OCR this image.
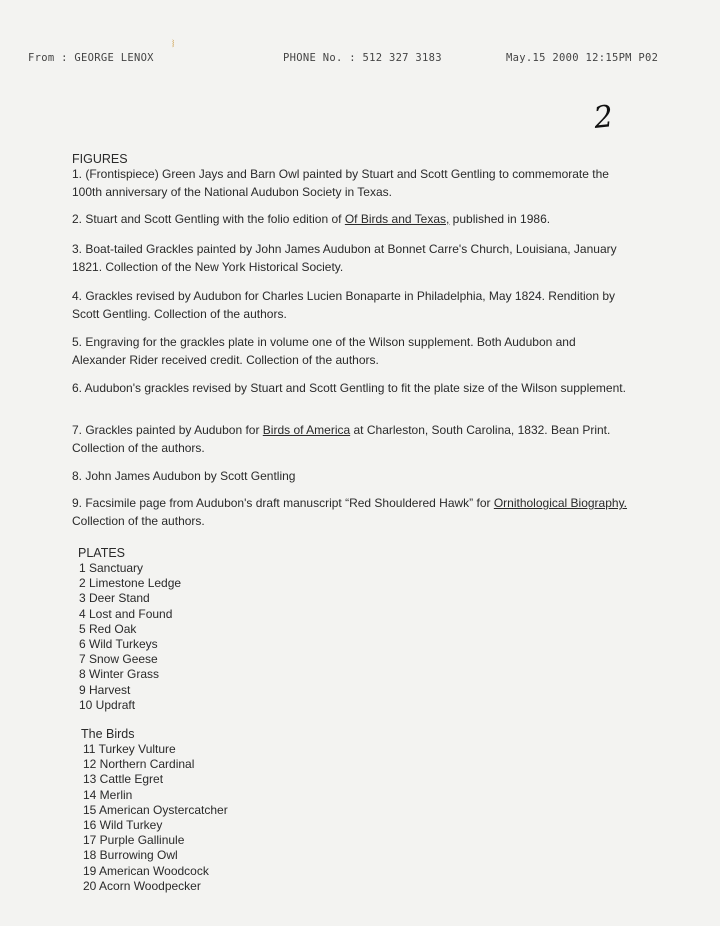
From : GEORGE LENOX	PHONE No. : 512 327 3183	May.15 2000 12:15PM P02
⧘
2
FIGURES
1. (Frontispiece) Green Jays and Barn Owl painted by Stuart and Scott Gentling to commemorate the 100th anniversary of the National Audubon Society in Texas.
2. Stuart and Scott Gentling with the folio edition of Of Birds and Texas, published in 1986.
3. Boat-tailed Grackles painted by John James Audubon at Bonnet Carre's Church, Louisiana, January 1821. Collection of the New York Historical Society.
4. Grackles revised by Audubon for Charles Lucien Bonaparte in Philadelphia, May 1824. Rendition by Scott Gentling. Collection of the authors.
5. Engraving for the grackles plate in volume one of the Wilson supplement. Both Audubon and Alexander Rider received credit. Collection of the authors.
6. Audubon's grackles revised by Stuart and Scott Gentling to fit the plate size of the Wilson supplement.
7. Grackles painted by Audubon for Birds of America at Charleston, South Carolina, 1832. Bean Print. Collection of the authors.
8. John James Audubon by Scott Gentling
9. Facsimile page from Audubon's draft manuscript “Red Shouldered Hawk” for Ornithological Biography. Collection of the authors.
PLATES
1 Sanctuary
2 Limestone Ledge
3 Deer Stand
4 Lost and Found
5 Red Oak
6 Wild Turkeys
7 Snow Geese
8 Winter Grass
9 Harvest
10 Updraft
The Birds
11 Turkey Vulture
12 Northern Cardinal
13 Cattle Egret
14 Merlin
15 American Oystercatcher
16 Wild Turkey
17 Purple Gallinule
18 Burrowing Owl
19 American Woodcock
20 Acorn Woodpecker
